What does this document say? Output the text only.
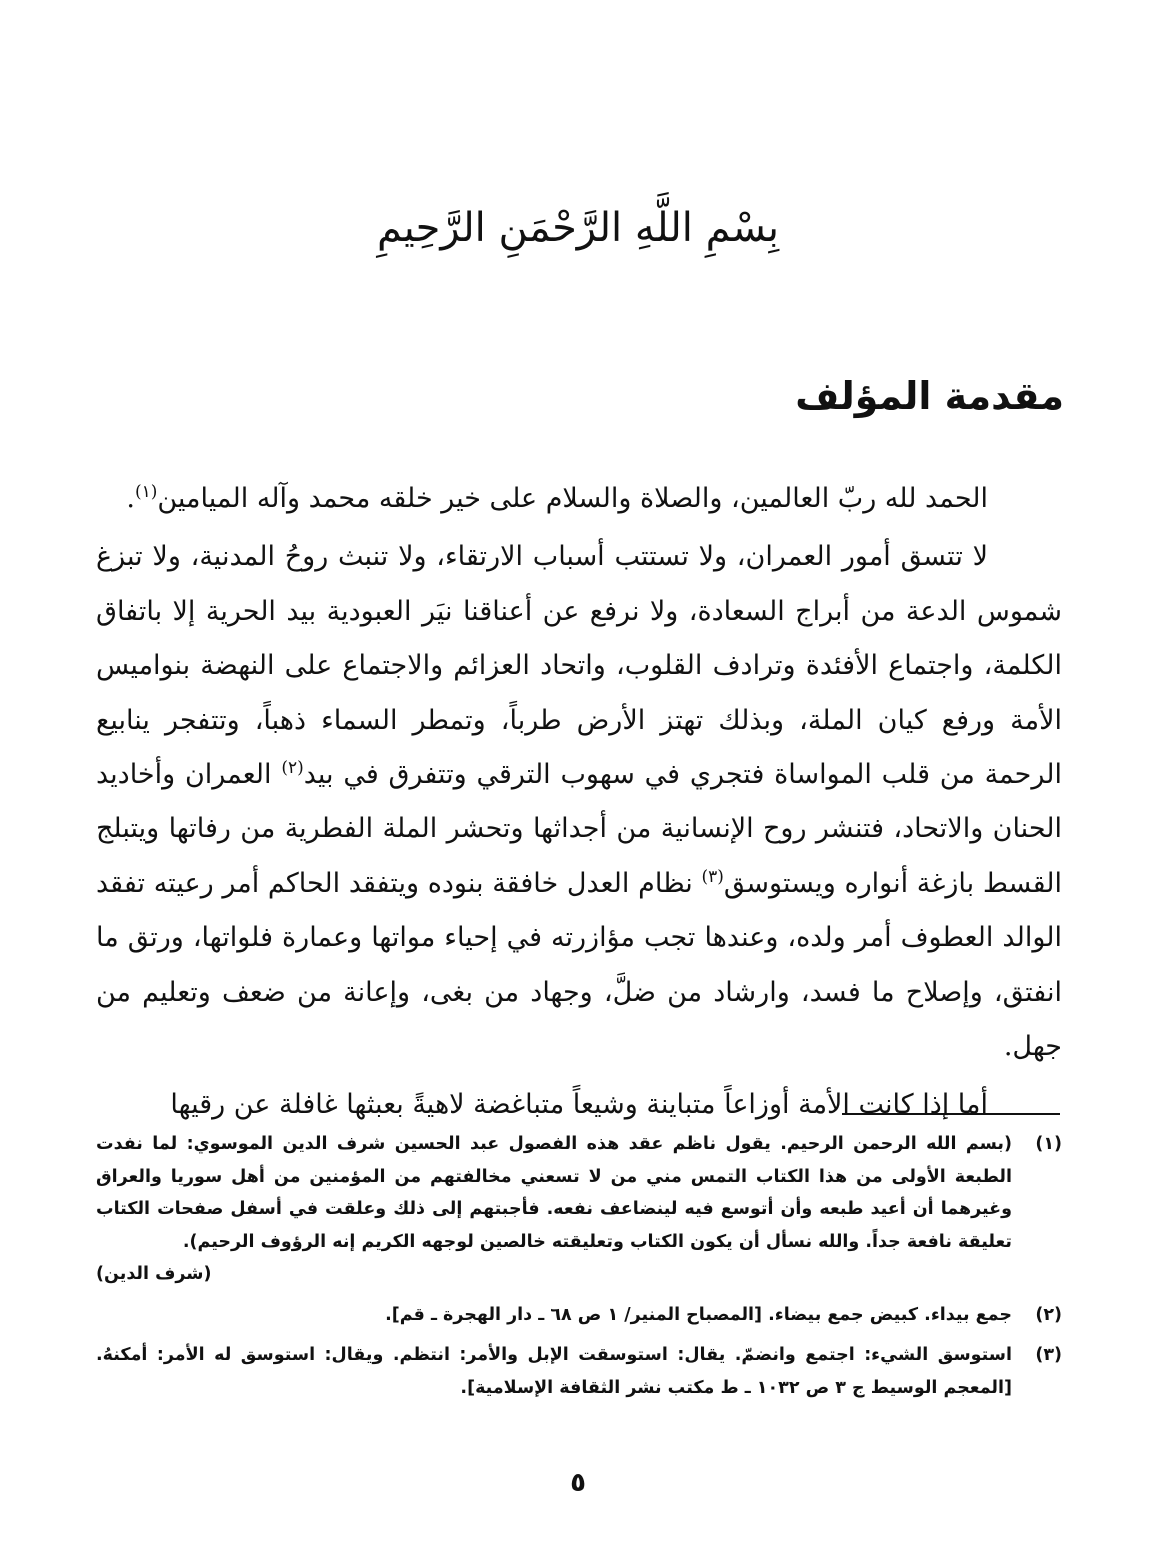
بِسْمِ اللَّهِ الرَّحْمَنِ الرَّحِيمِ
مقدمة المؤلف

الحمد لله ربّ العالمين، والصلاة والسلام على خير خلقه محمد وآله الميامين$^{(١)}$.

لا تتسق أمور العمران، ولا تستتب أسباب الارتقاء، ولا تنبث روحُ المدنية، ولا تبزغ شموس الدعة من أبراج السعادة، ولا نرفع عن أعناقنا نيَر العبودية بيد الحرية إلا باتفاق الكلمة، واجتماع الأفئدة وترادف القلوب، واتحاد العزائم والاجتماع على النهضة بنواميس الأمة ورفع كيان الملة، وبذلك تهتز الأرض طرباً، وتمطر السماء ذهباً، وتتفجر ينابيع الرحمة من قلب المواساة فتجري في سهوب الترقي وتتفرق في بيد$^{(٢)}$ العمران وأخاديد الحنان والاتحاد، فتنشر روح الإنسانية من أجداثها وتحشر الملة الفطرية من رفاتها ويتبلج القسط بازغة أنواره ويستوسق$^{(٣)}$ نظام العدل خافقة بنوده ويتفقد الحاكم أمر رعيته تفقد الوالد العطوف أمر ولده، وعندها تجب مؤازرته في إحياء مواتها وعمارة فلواتها، ورتق ما انفتق، وإصلاح ما فسد، وارشاد من ضلَّ، وجهاد من بغى، وإعانة من ضعف وتعليم من جهل.

أما إذا كانت الأمة أوزاعاً متباينة وشيعاً متباغضة لاهيةً بعبثها غافلة عن رقيها

(١)
(بسم الله الرحمن الرحيم. يقول ناظم عقد هذه الفصول عبد الحسين شرف الدين الموسوي: لما نفدت الطبعة الأولى من هذا الكتاب التمس مني من لا تسعني مخالفتهم من المؤمنين من أهل سوريا والعراق وغيرهما أن أعيد طبعه وأن أتوسع فيه لينضاعف نفعه. فأجبتهم إلى ذلك وعلقت في أسفل صفحات الكتاب تعليقة نافعة جداً. والله نسأل أن يكون الكتاب وتعليقته خالصين لوجهه الكريم إنه الرؤوف الرحيم).
(شرف الدين)
(٢)
جمع بيداء. كبيض جمع بيضاء. [المصباح المنير/ ١ ص ٦٨ ـ دار الهجرة ـ قم].
(٣)
استوسق الشيء: اجتمع وانضمّ. يقال: استوسقت الإبل والأمر: انتظم. ويقال: استوسق له الأمر: أمكنهُ. [المعجم الوسيط ج ٣ ص ١٠٣٢ ـ ط مكتب نشر الثقافة الإسلامية].
٥
